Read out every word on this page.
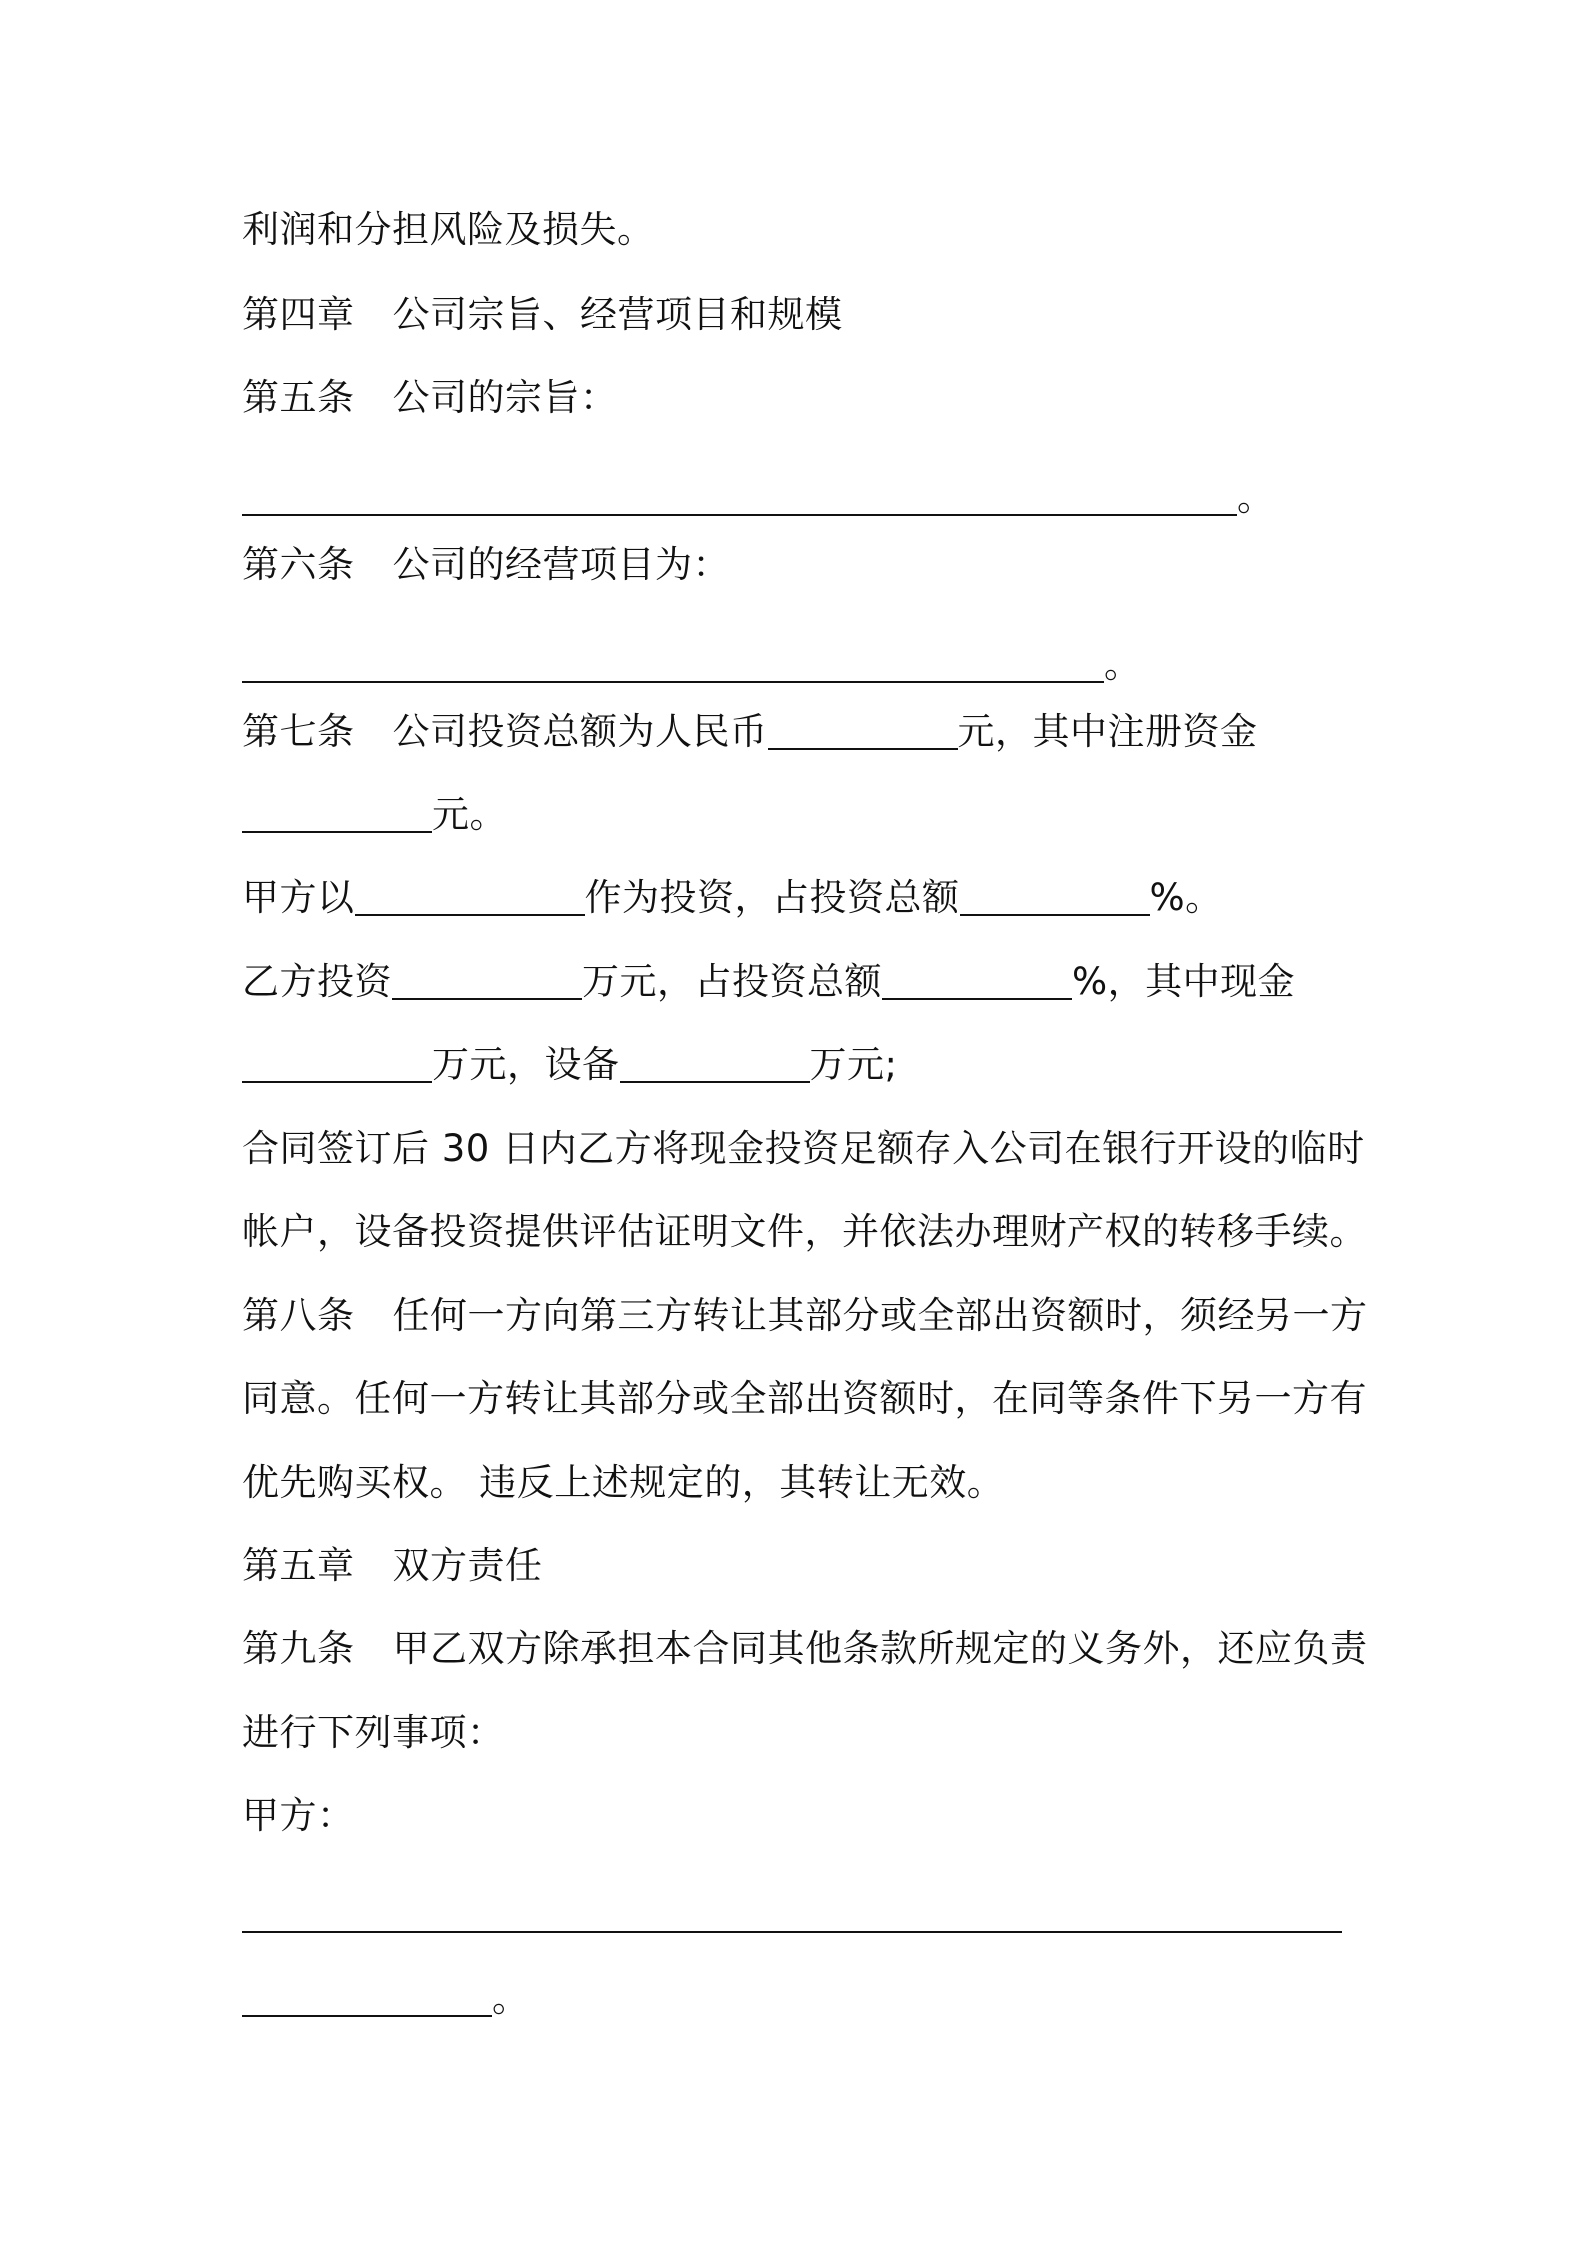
利润和分担风险及损失。
第四章 公司宗旨、经营项目和规模
第五条 公司的宗旨：
。
第六条 公司的经营项目为：
。
第七条 公司投资总额为人民币	元，其中注册资金
元。
甲方以	作为投资，占投资总额	%。
乙方投资	万元，占投资总额	%，其中现金
万元，设备	万元;
合同签订后 30 日内乙方将现金投资足额存入公司在银行开设的临时
帐户，设备投资提供评估证明文件，并依法办理财产权的转移手续。
第八条 任何一方向第三方转让其部分或全部出资额时，须经另一方
同意。任何一方转让其部分或全部出资额时，在同等条件下另一方有
优先购买权。 违反上述规定的，其转让无效。
第五章 双方责任
第九条 甲乙双方除承担本合同其他条款所规定的义务外，还应负责
进行下列事项：
甲方：
。
